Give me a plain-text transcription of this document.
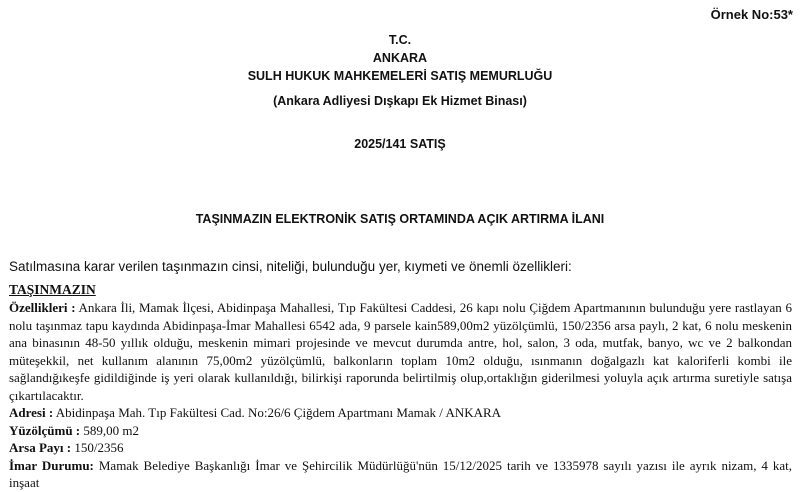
Örnek No:53*
T.C.
ANKARA
SULH HUKUK MAHKEMELERİ SATIŞ MEMURLUĞU
(Ankara Adliyesi Dışkapı Ek Hizmet Binası)
2025/141 SATIŞ
TAŞINMAZIN ELEKTRONİK SATIŞ ORTAMINDA AÇIK ARTIRMA İLANI

Satılmasına karar verilen taşınmazın cinsi, niteliği, bulunduğu yer, kıymeti ve önemli özellikleri:

TAŞINMAZIN

Özellikleri : Ankara İli, Mamak İlçesi, Abidinpaşa Mahallesi, Tıp Fakültesi Caddesi, 26 kapı nolu Çiğdem Apartmanının bulunduğu yere rastlayan 6 nolu taşınmaz tapu kaydında Abidinpaşa-İmar Mahallesi 6542 ada, 9 parsele kain589,00m2 yüzölçümlü, 150/2356 arsa paylı, 2 kat, 6 nolu meskenin ana binasının 48-50 yıllık olduğu, meskenin mimari projesinde ve mevcut durumda antre, hol, salon, 3 oda, mutfak, banyo, wc ve 2 balkondan müteşekkil, net kullanım alanının 75,00m2 yüzölçümlü, balkonların toplam 10m2 olduğu, ısınmanın doğalgazlı kat kaloriferli kombi ile sağlandığıkeşfe gidildiğinde iş yeri olarak kullanıldığı, bilirkişi raporunda belirtilmiş olup,ortaklığın giderilmesi yoluyla açık artırma suretiyle satışa çıkartılacaktır.

Adresi : Abidinpaşa Mah. Tıp Fakültesi Cad. No:26/6 Çiğdem Apartmanı Mamak / ANKARA

Yüzölçümü : 589,00 m2

Arsa Payı : 150/2356

İmar Durumu: Mamak Belediye Başkanlığı İmar ve Şehircilik Müdürlüğü'nün 15/12/2025 tarih ve 1335978 sayılı yazısı ile ayrık nizam, 4 kat, inşaat
